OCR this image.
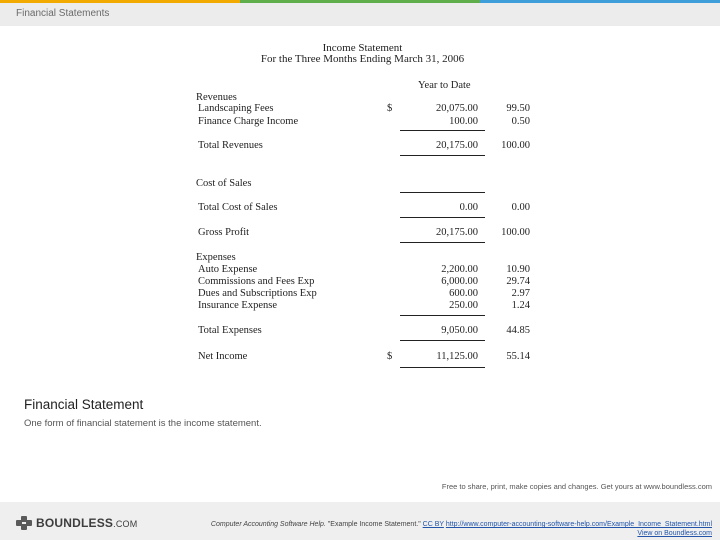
Financial Statements
Income Statement
For the Three Months Ending March 31, 2006
Year to Date
Revenues
Landscaping Fees	$	20,075.00	99.50
Finance Charge Income	100.00	0.50
Total Revenues	20,175.00	100.00
Cost of Sales
Total Cost of Sales	0.00	0.00
Gross Profit	20,175.00	100.00
Expenses
Auto Expense	2,200.00	10.90
Commissions and Fees Exp	6,000.00	29.74
Dues and Subscriptions Exp	600.00	2.97
Insurance Expense	250.00	1.24
Total Expenses	9,050.00	44.85
Net Income	$	11,125.00	55.14
Financial Statement
One form of financial statement is the income statement.
Free to share, print, make copies and changes. Get yours at www.boundless.com
BOUNDLESS.COM	Computer Accounting Software Help. "Example Income Statement." CC BY http://www.computer-accounting-software-help.com/Example_Income_Statement.html
View on Boundless.com
